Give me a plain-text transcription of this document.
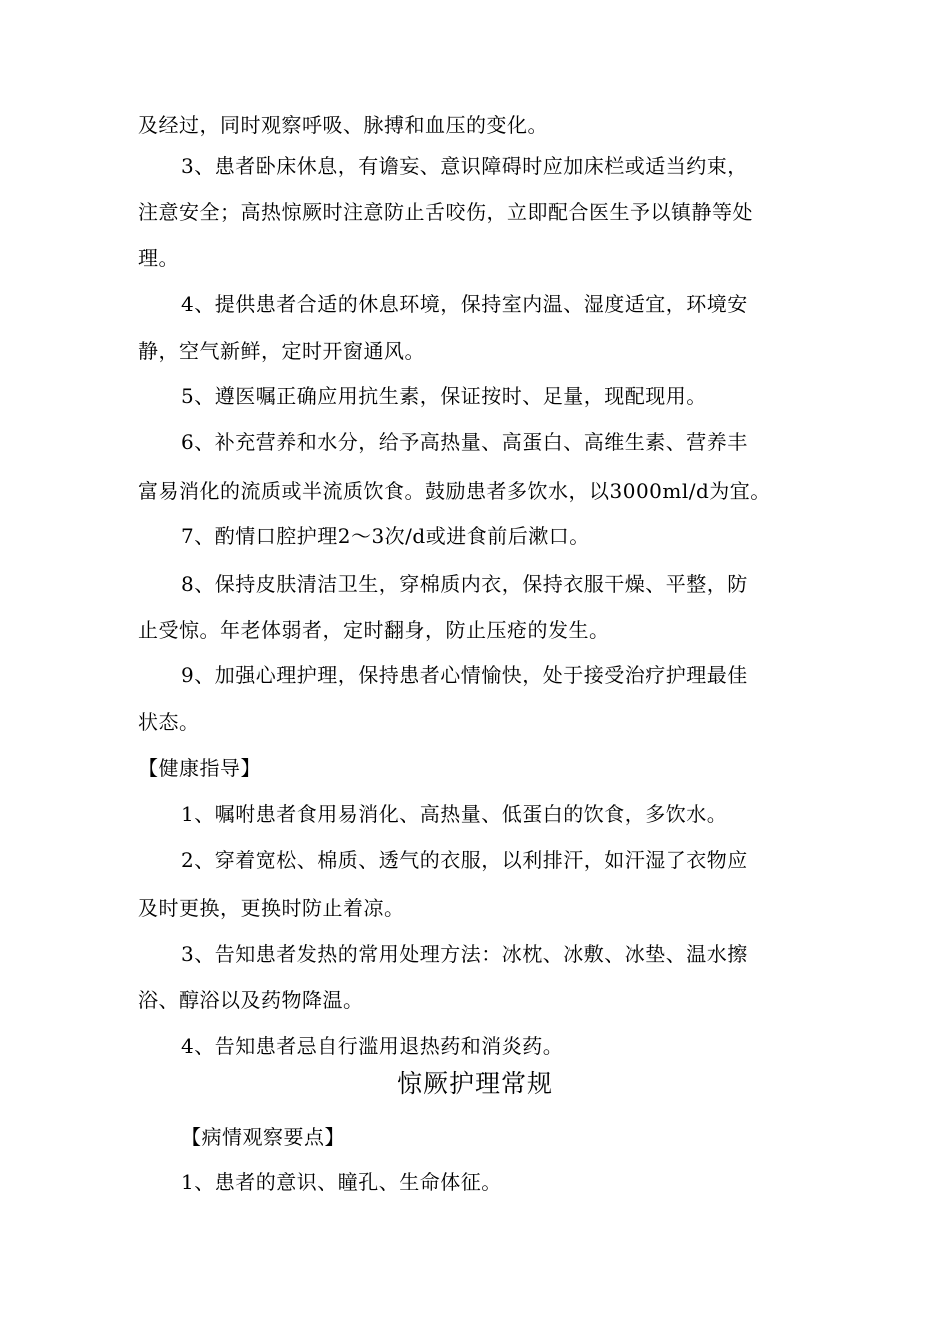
及经过，同时观察呼吸、脉搏和血压的变化。
3、患者卧床休息，有谵妄、意识障碍时应加床栏或适当约束，
注意安全；高热惊厥时注意防止舌咬伤，立即配合医生予以镇静等处
理。
4、提供患者合适的休息环境，保持室内温、湿度适宜，环境安
静，空气新鲜，定时开窗通风。
5、遵医嘱正确应用抗生素，保证按时、足量，现配现用。
6、补充营养和水分，给予高热量、高蛋白、高维生素、营养丰
富易消化的流质或半流质饮食。鼓励患者多饮水，以3000ml/d为宜。
7、酌情口腔护理2〜3次/d或进食前后漱口。
8、保持皮肤清洁卫生，穿棉质内衣，保持衣服干燥、平整，防
止受惊。年老体弱者，定时翻身，防止压疮的发生。
9、加强心理护理，保持患者心情愉快，处于接受治疗护理最佳
状态。
【健康指导】
1、嘱咐患者食用易消化、高热量、低蛋白的饮食，多饮水。
2、穿着宽松、棉质、透气的衣服，以利排汗，如汗湿了衣物应
及时更换，更换时防止着凉。
3、告知患者发热的常用处理方法：冰枕、冰敷、冰垫、温水擦
浴、醇浴以及药物降温。
4、告知患者忌自行滥用退热药和消炎药。
惊厥护理常规
【病情观察要点】
1、患者的意识、瞳孔、生命体征。
